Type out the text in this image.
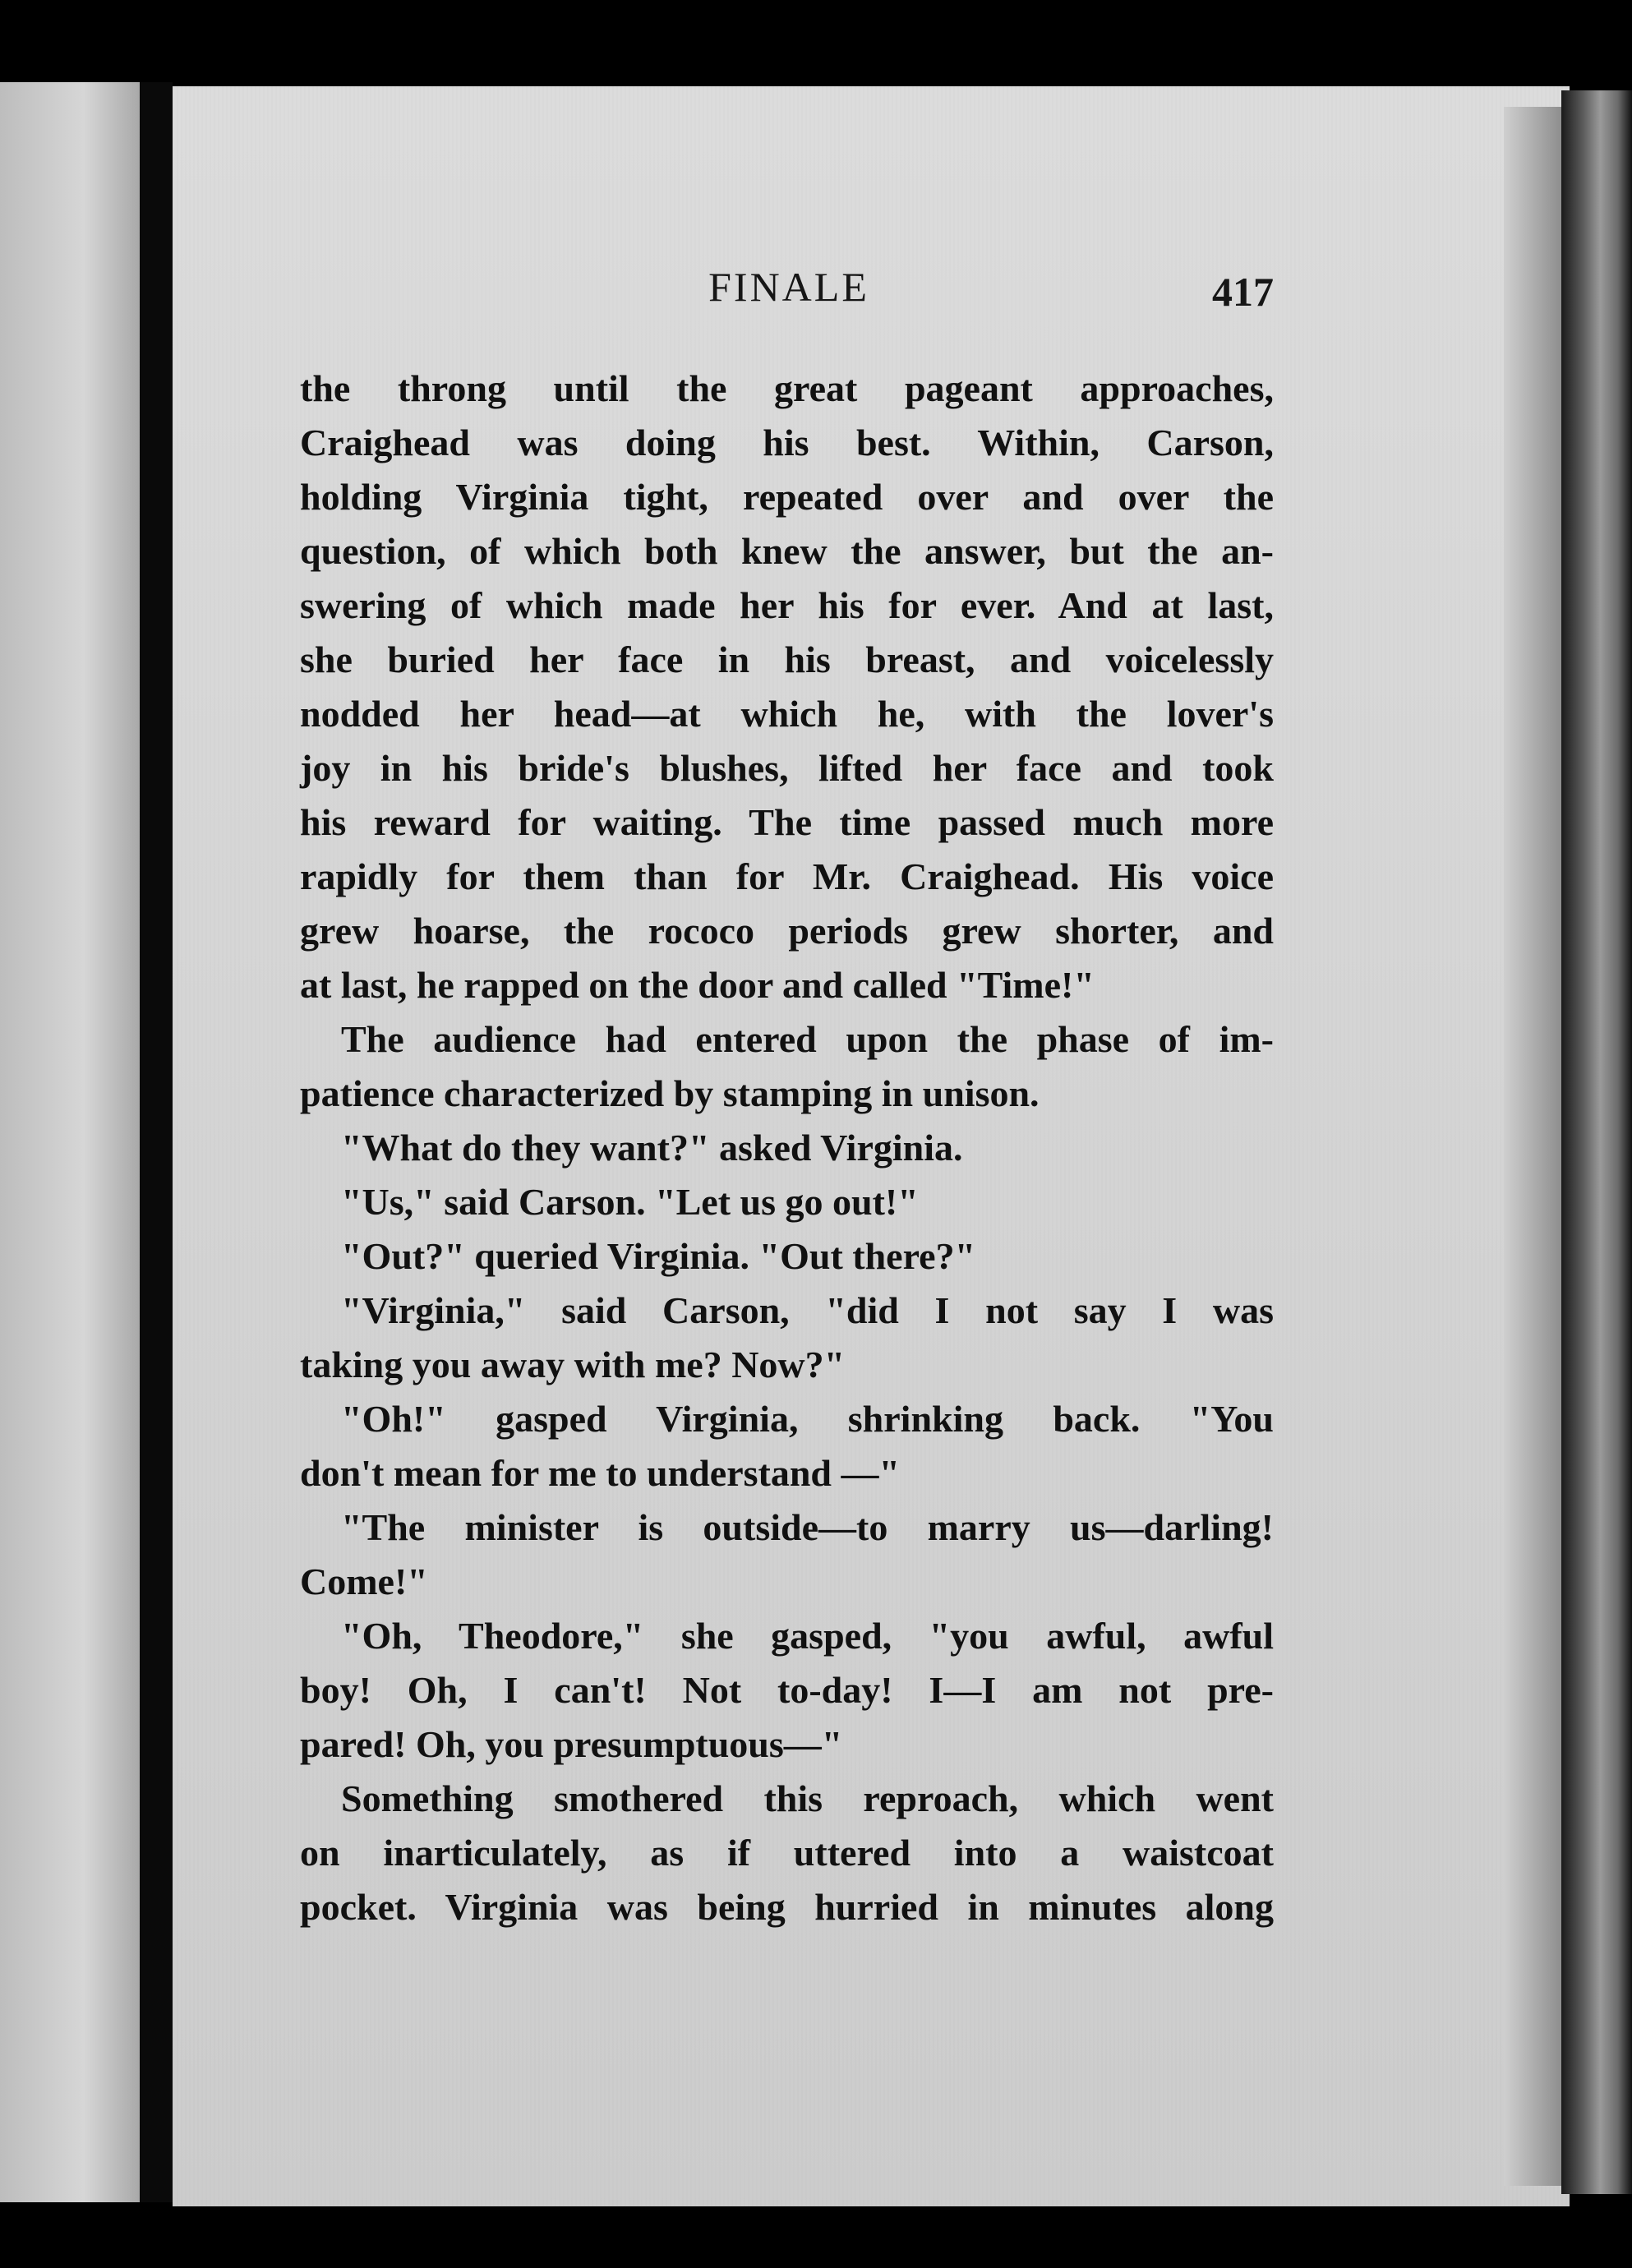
FINALE	417

the throng until the great pageant approaches,

Craighead was doing his best. Within, Carson,

holding Virginia tight, repeated over and over the

question, of which both knew the answer, but the an-

swering of which made her his for ever. And at last,

she buried her face in his breast, and voicelessly

nodded her head—at which he, with the lover's

joy in his bride's blushes, lifted her face and took

his reward for waiting. The time passed much more

rapidly for them than for Mr. Craighead. His voice

grew hoarse, the rococo periods grew shorter, and

at last, he rapped on the door and called "Time!"

The audience had entered upon the phase of im-

patience characterized by stamping in unison.

"What do they want?" asked Virginia.

"Us," said Carson. "Let us go out!"

"Out?" queried Virginia. "Out there?"

"Virginia," said Carson, "did I not say I was

taking you away with me? Now?"

"Oh!" gasped Virginia, shrinking back. "You

don't mean for me to understand —"

"The minister is outside—to marry us—darling!

Come!"

"Oh, Theodore," she gasped, "you awful, awful

boy! Oh, I can't! Not to-day! I—I am not pre-

pared! Oh, you presumptuous—"

Something smothered this reproach, which went

on inarticulately, as if uttered into a waistcoat

pocket. Virginia was being hurried in minutes along
